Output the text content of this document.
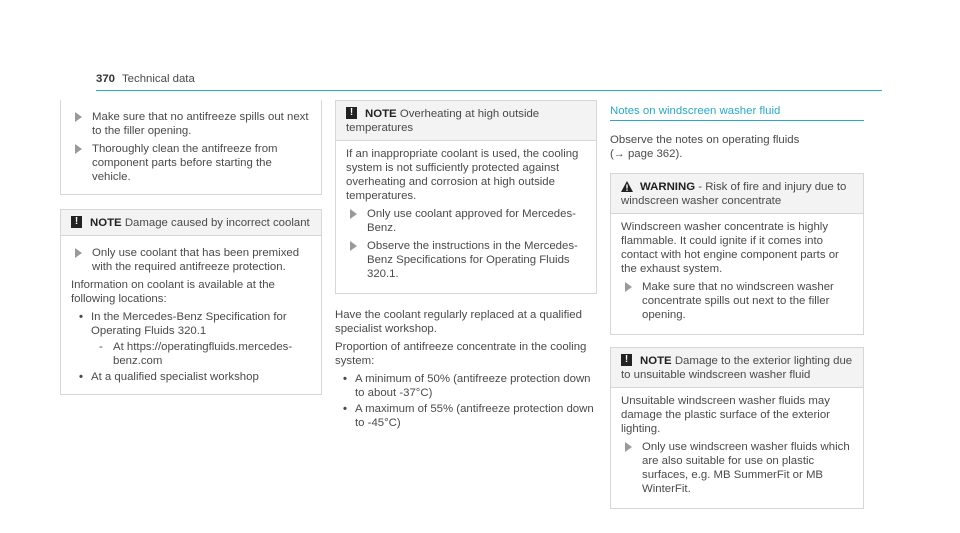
370 Technical data
Make sure that no antifreeze spills out next to the filler opening.
Thoroughly clean the antifreeze from component parts before starting the vehicle.
! NOTE Damage caused by incorrect coolant
Only use coolant that has been premixed with the required antifreeze protection.

Information on coolant is available at the following locations:

• In the Mercedes-Benz Specification for Operating Fluids 320.1
- At https://operatingfluids.mercedes-benz.com
• At a qualified specialist workshop
! NOTE Overheating at high outside temperatures

If an inappropriate coolant is used, the cooling system is not sufficiently protected against overheating and corrosion at high outside temperatures.

Only use coolant approved for Mercedes-Benz.
Observe the instructions in the Mercedes-Benz Specifications for Operating Fluids 320.1.

Have the coolant regularly replaced at a qualified specialist workshop.

Proportion of antifreeze concentrate in the cooling system:

• A minimum of 50% (antifreeze protection down to about -37°C)
• A maximum of 55% (antifreeze protection down to -45°C)
Notes on windscreen washer fluid

Observe the notes on operating fluids
(→ page 362).

WARNING - Risk of fire and injury due to windscreen washer concentrate

Windscreen washer concentrate is highly flammable. It could ignite if it comes into contact with hot engine component parts or the exhaust system.

Make sure that no windscreen washer concentrate spills out next to the filler opening.
! NOTE Damage to the exterior lighting due to unsuitable windscreen washer fluid

Unsuitable windscreen washer fluids may damage the plastic surface of the exterior lighting.

Only use windscreen washer fluids which are also suitable for use on plastic surfaces, e.g. MB SummerFit or MB WinterFit.
